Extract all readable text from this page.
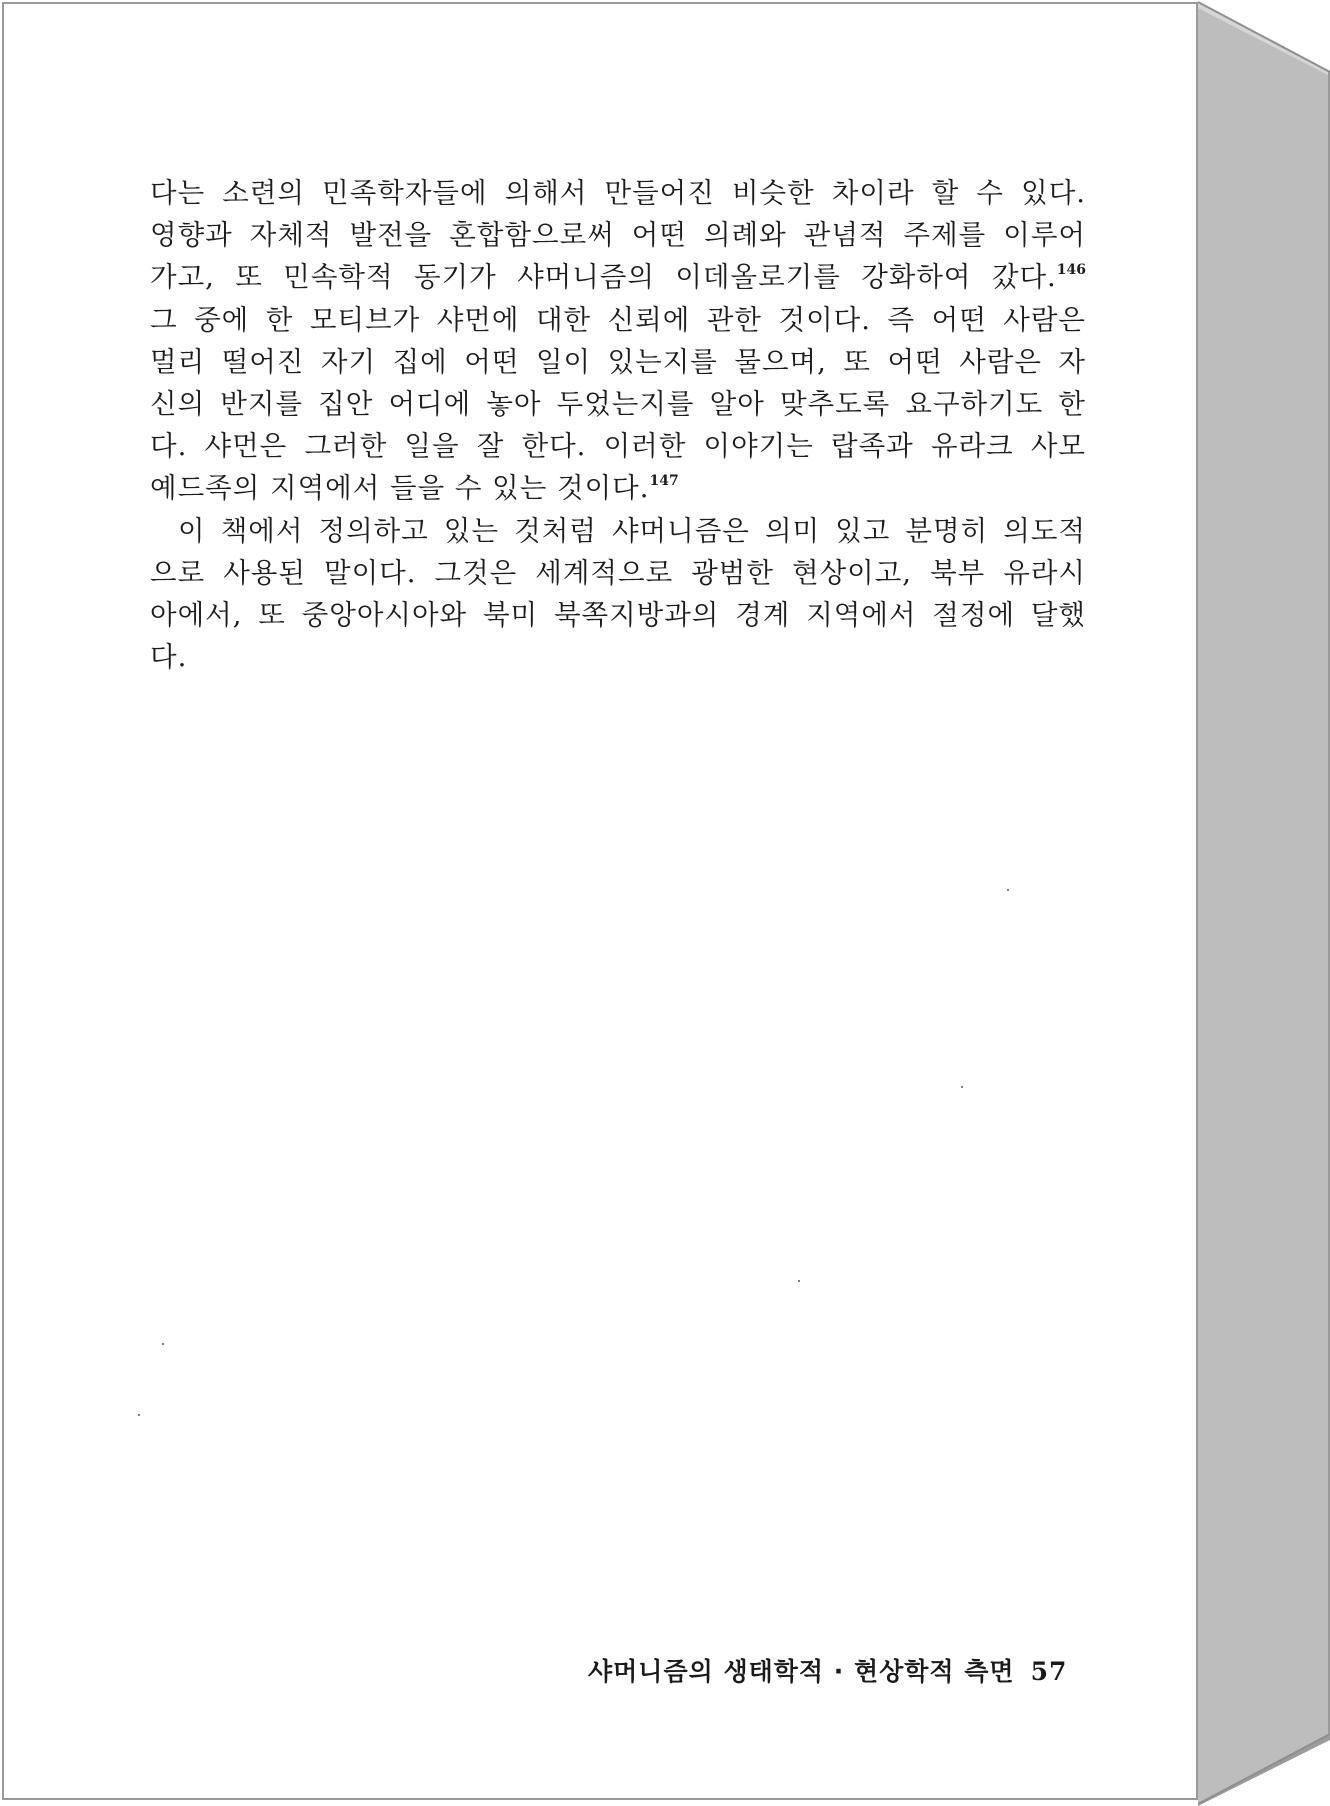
다는 소련의 민족학자들에 의해서 만들어진 비슷한 차이라 할 수 있다.
영향과 자체적 발전을 혼합함으로써 어떤 의례와 관념적 주제를 이루어
가고, 또 민속학적 동기가 샤머니즘의 이데올로기를 강화하여 갔다.$^{146}$
그 중에 한 모티브가 샤먼에 대한 신뢰에 관한 것이다. 즉 어떤 사람은
멀리 떨어진 자기 집에 어떤 일이 있는지를 물으며, 또 어떤 사람은 자
신의 반지를 집안 어디에 놓아 두었는지를 알아 맞추도록 요구하기도 한
다. 샤먼은 그러한 일을 잘 한다. 이러한 이야기는 랍족과 유라크 사모
예드족의 지역에서 들을 수 있는 것이다.$^{147}$
이 책에서 정의하고 있는 것처럼 샤머니즘은 의미 있고 분명히 의도적
으로 사용된 말이다. 그것은 세계적으로 광범한 현상이고, 북부 유라시
아에서, 또 중앙아시아와 북미 북쪽지방과의 경계 지역에서 절정에 달했
다.
샤머니즘의 생태학적 · 현상학적 측면 57
